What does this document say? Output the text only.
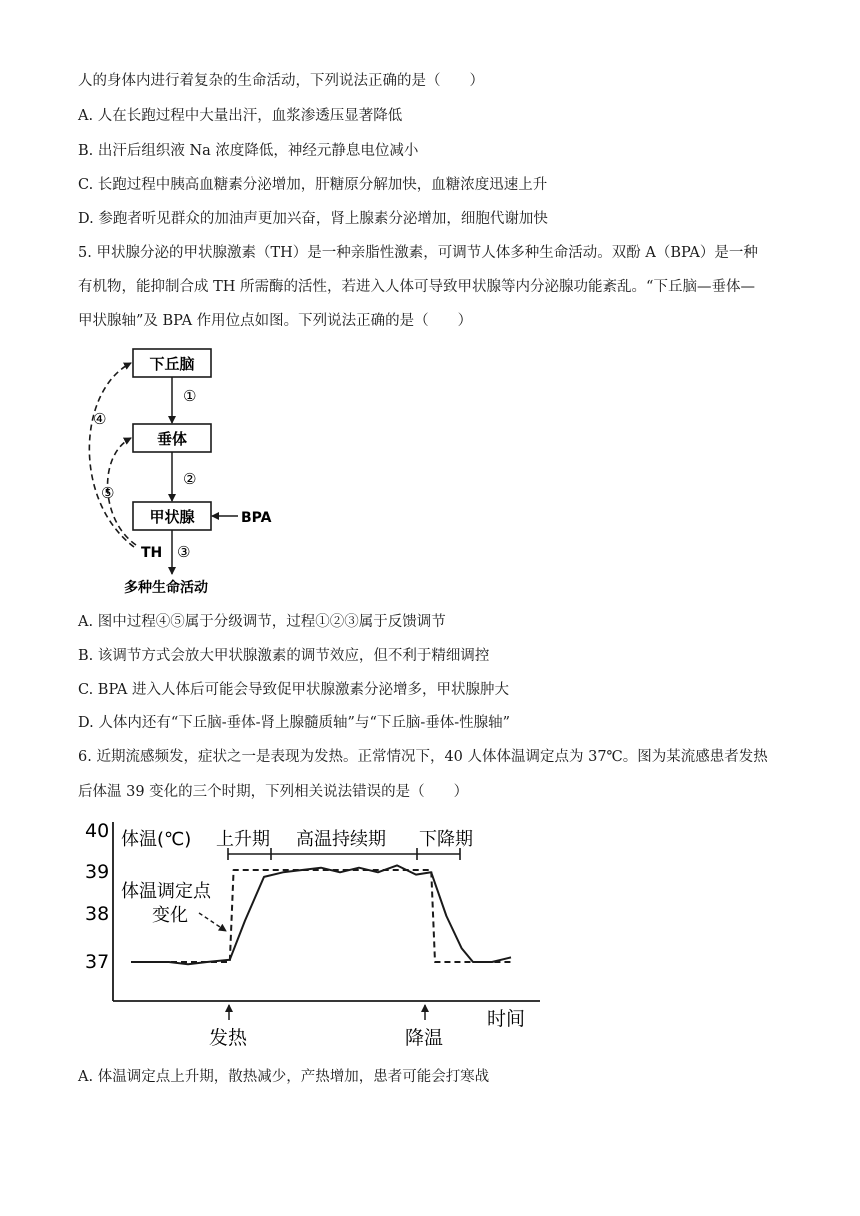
人的身体内进行着复杂的生命活动，下列说法正确的是（　　）
A. 人在长跑过程中大量出汗，血浆渗透压显著降低
B. 出汗后组织液 Na 浓度降低，神经元静息电位减小
C. 长跑过程中胰高血糖素分泌增加，肝糖原分解加快，血糖浓度迅速上升
D. 参跑者听见群众的加油声更加兴奋，肾上腺素分泌增加，细胞代谢加快
5. 甲状腺分泌的甲状腺激素（TH）是一种亲脂性激素，可调节人体多种生命活动。双酚 A（BPA）是一种
有机物，能抑制合成 TH 所需酶的活性，若进入人体可导致甲状腺等内分泌腺功能紊乱。“下丘脑—垂体—
甲状腺轴”及 BPA 作用位点如图。下列说法正确的是（　　）
下丘脑
垂体
甲状腺
①
②
③
BPA
TH
多种生命活动
④
⑤
A. 图中过程④⑤属于分级调节，过程①②③属于反馈调节
B. 该调节方式会放大甲状腺激素的调节效应，但不利于精细调控
C. BPA 进入人体后可能会导致促甲状腺激素分泌增多，甲状腺肿大
D. 人体内还有“下丘脑-垂体-肾上腺髓质轴”与“下丘脑-垂体-性腺轴”
6. 近期流感频发，症状之一是表现为发热。正常情况下，40 人体体温调定点为 37℃。图为某流感患者发热
后体温 39 变化的三个时期，下列相关说法错误的是（　　）
40
39
38
37
体温(℃) 上升期 高温持续期 下降期
体温调定点
变化
发热	降温
时间
A. 体温调定点上升期，散热减少，产热增加，患者可能会打寒战
